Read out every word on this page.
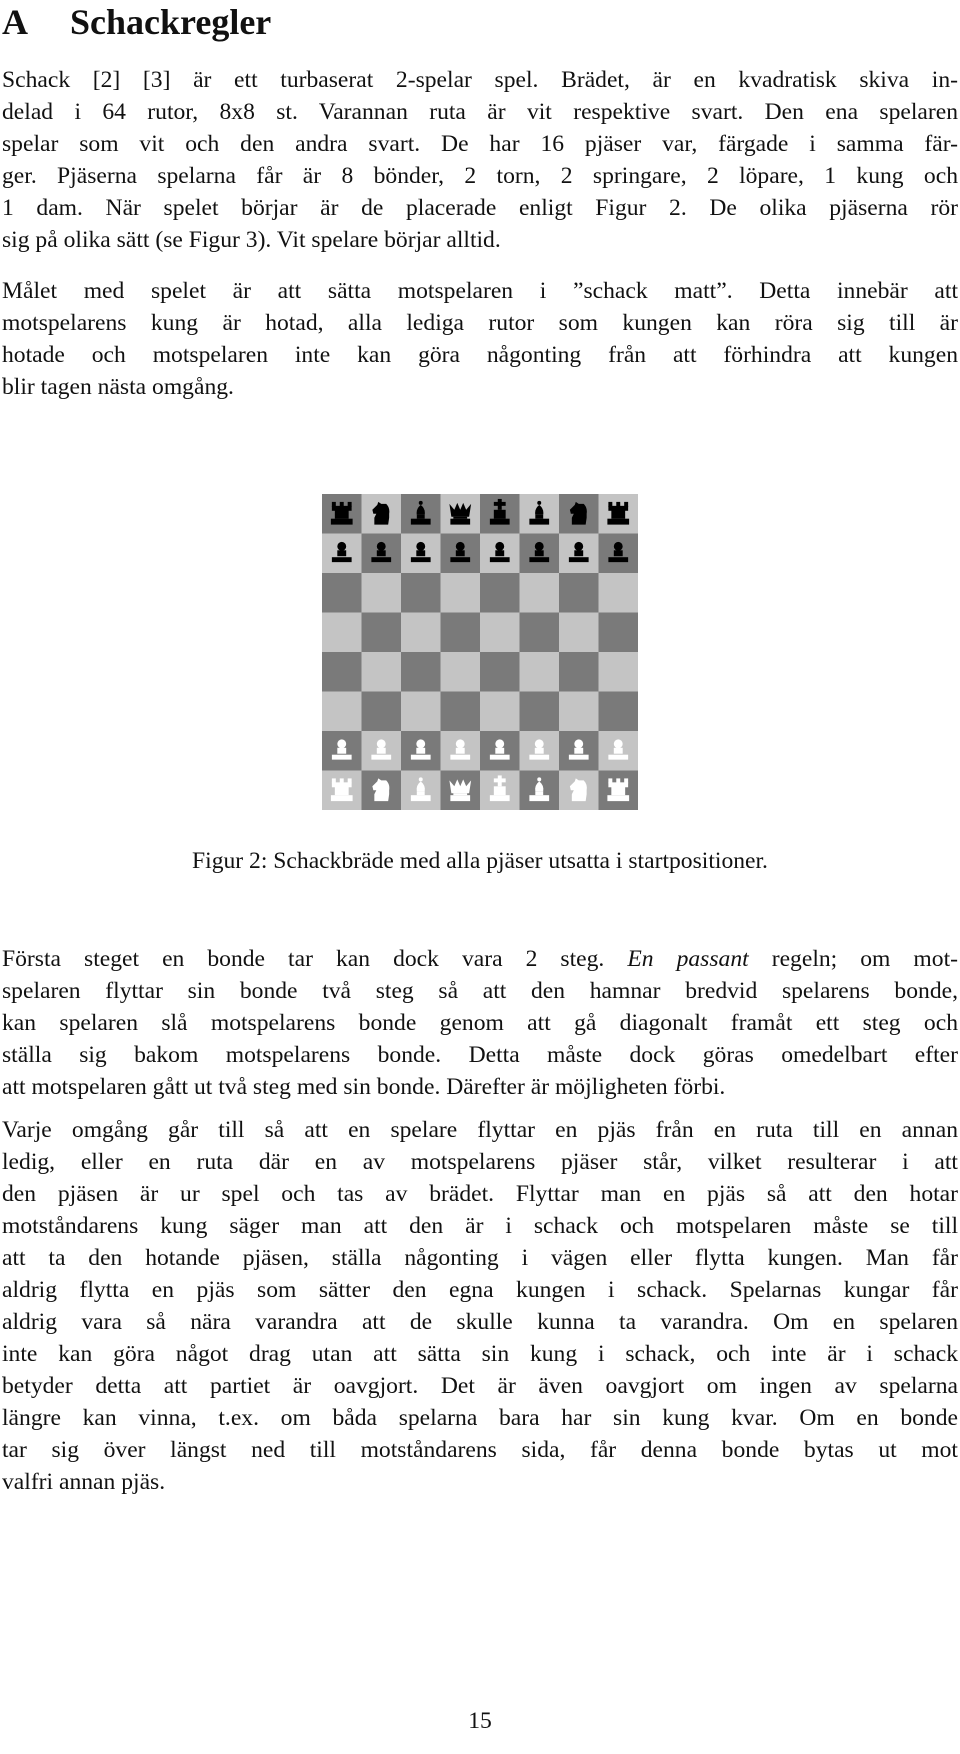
A Schackregler
Schack [2] [3] är ett turbaserat 2-spelar spel. Brädet, är en kvadratisk skiva in-
delad i 64 rutor, 8x8 st. Varannan ruta är vit respektive svart. Den ena spelaren
spelar som vit och den andra svart. De har 16 pjäser var, färgade i samma fär-
ger. Pjäserna spelarna får är 8 bönder, 2 torn, 2 springare, 2 löpare, 1 kung och
1 dam. När spelet börjar är de placerade enligt Figur 2. De olika pjäserna rör
sig på olika sätt (se Figur 3). Vit spelare börjar alltid.
Målet med spelet är att sätta motspelaren i ”schack matt”. Detta innebär att
motspelarens kung är hotad, alla lediga rutor som kungen kan röra sig till är
hotade och motspelaren inte kan göra någonting från att förhindra att kungen
blir tagen nästa omgång.

Figur 2: Schackbräde med alla pjäser utsatta i startpositioner.

Första steget en bonde tar kan dock vara 2 steg. En passant regeln; om mot-
spelaren flyttar sin bonde två steg så att den hamnar bredvid spelarens bonde,
kan spelaren slå motspelarens bonde genom att gå diagonalt framåt ett steg och
ställa sig bakom motspelarens bonde. Detta måste dock göras omedelbart efter
att motspelaren gått ut två steg med sin bonde. Därefter är möjligheten förbi.
Varje omgång går till så att en spelare flyttar en pjäs från en ruta till en annan
ledig, eller en ruta där en av motspelarens pjäser står, vilket resulterar i att
den pjäsen är ur spel och tas av brädet. Flyttar man en pjäs så att den hotar
motståndarens kung säger man att den är i schack och motspelaren måste se till
att ta den hotande pjäsen, ställa någonting i vägen eller flytta kungen. Man får
aldrig flytta en pjäs som sätter den egna kungen i schack. Spelarnas kungar får
aldrig vara så nära varandra att de skulle kunna ta varandra. Om en spelaren
inte kan göra något drag utan att sätta sin kung i schack, och inte är i schack
betyder detta att partiet är oavgjort. Det är även oavgjort om ingen av spelarna
längre kan vinna, t.ex. om båda spelarna bara har sin kung kvar. Om en bonde
tar sig över längst ned till motståndarens sida, får denna bonde bytas ut mot
valfri annan pjäs.
15
